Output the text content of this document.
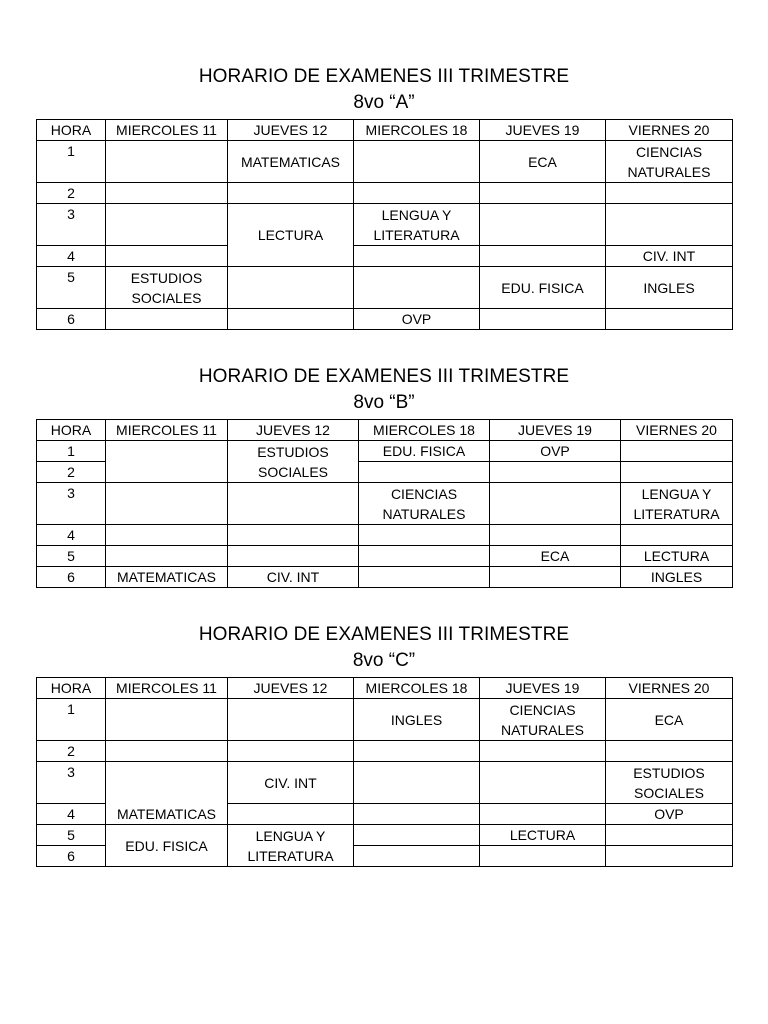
HORARIO DE EXAMENES III TRIMESTRE
8vo “A”
HORA	MIERCOLES 11	JUEVES 12	MIERCOLES 18	JUEVES 19	VIERNES 20
1		MATEMATICAS		ECA	CIENCIAS
NATURALES
2					
3		LECTURA	LENGUA Y
LITERATURA		
4					CIV. INT
5	ESTUDIOS
SOCIALES			EDU. FISICA	INGLES
6			OVP		
HORARIO DE EXAMENES III TRIMESTRE
8vo “B”
HORA	MIERCOLES 11	JUEVES 12	MIERCOLES 18	JUEVES 19	VIERNES 20
1		ESTUDIOS
SOCIALES	EDU. FISICA	OVP	
2					
3			CIENCIAS
NATURALES		LENGUA Y
LITERATURA
4					
5				ECA	LECTURA
6	MATEMATICAS	CIV. INT			INGLES
HORARIO DE EXAMENES III TRIMESTRE
8vo “C”
HORA	MIERCOLES 11	JUEVES 12	MIERCOLES 18	JUEVES 19	VIERNES 20
1			INGLES	CIENCIAS
NATURALES	ECA
2					
3	MATEMATICAS	CIV. INT			ESTUDIOS
SOCIALES
4					OVP
5	EDU. FISICA	LENGUA Y
LITERATURA		LECTURA	
6					
